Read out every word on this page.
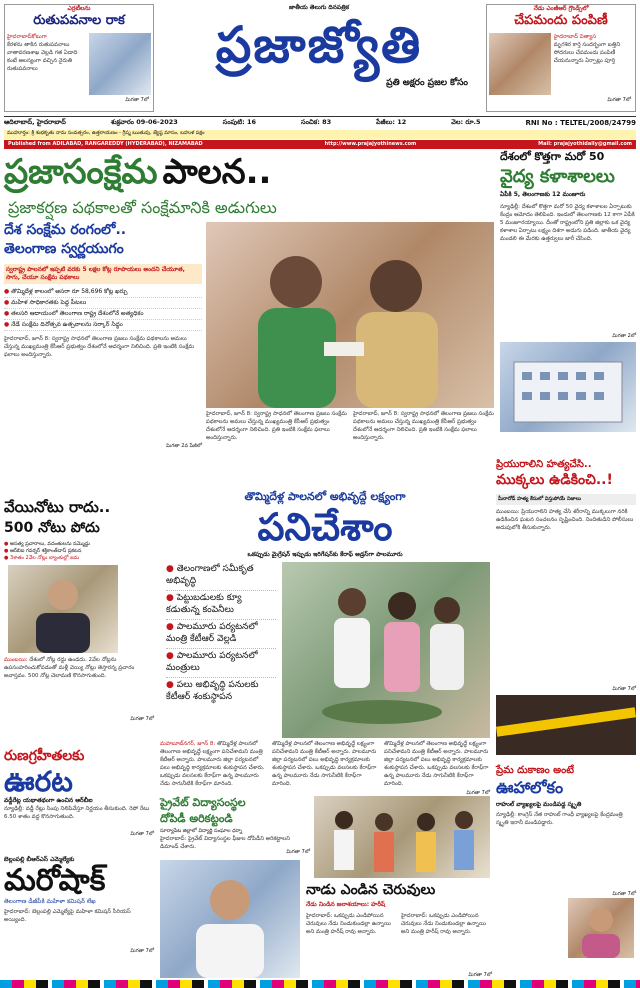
ఎర్రటీలను
రుతుపవనాల రాక
హైదరాబాద్‌కోటుగా
కేరళను తాకిన రుతుపవనాలు వాతావరణశాఖ వెల్లడి గత ఏడాది కంటే ఆలస్యంగా వచ్చిన నైరుతి రుతుపవనాలు
మిగతా 7లో
జాతీయ తెలుగు దినపత్రిక
ప్రజాజ్యోతి
ప్రతి అక్షరం ప్రజల కోసం
నేడు ఎంజీఆర్ గ్రౌండ్స్‌లో
చేపమందు పంపిణీ
హైదరాబాద్‌ విత్యాస
మృగశిర కార్తె సందర్భంగా బత్తిని సోదరులు చేపమందు పంపిణీ చేయనున్నారు ఏర్పాట్లు పూర్తి
మిగతా 7లో
ఆదిలాబాద్, హైదరాబాద్	శుక్రవారం 09-06-2023	సంపుటి: 16	సంచిక: 83	పేజీలు: 12	వెల: రూ.5	RNI No : TELTEL/2008/24799
ముహూర్తం: శ్రీ శుభకృతు నామ సంవత్సరం, ఉత్తరాయణం - గ్రీష్మ ఋతువు, జ్యేష్ఠ మాసం, బహుళ పక్షం
Published from ADILABAD, RANGAREDDY (HYDERABAD), NIZAMABAD	http://www.prajajyothinews.com	Mail: prajajyothidaily@gmail.com
ప్రజాసంక్షేమ పాలన..
ప్రజాకర్షణ పథకాలతో సంక్షేమానికి అడుగులు
దేశ సంక్షేమ రంగంలో..
తెలంగాణ స్వర్ణయుగం
స్వరాష్ట్ర పాలనలో ఇప్పటి వరకు 5 లక్షల కోట్ల రూపాయలు అందని చేయూత, సాగు, చేయూ సంక్షేమ పథకాలు
● తొమ్మిదేళ్ల కాలంలో అసరా రూ 58,696 కోట్ల ఖర్చు
● మహిళ సాధికారతకు పెద్ద పీటలు
● తలసరి ఆదాయంలో తెలంగాణ రాష్ట్ర దేశంలోనే అత్యధికం
● నేడే సంక్షేమ దినోత్సవ ఉత్సవాలను సర్కార్ సిద్ధం
హైదరాబాద్, జూన్ 8: స్వరాష్ట్ర సాధనలో తెలంగాణ ప్రజలు సంక్షేమ పథకాలను అమలు చేస్తున్న ముఖ్యమంత్రి కేసీఆర్ ప్రభుత్వం దేశంలోనే ఆదర్శంగా నిలిచింది. ప్రతి ఇంటికి సంక్షేమ ఫలాలు అందిస్తున్నారు.
మిగతా 2వ పేజీలో
హైదరాబాద్, జూన్ 8: స్వరాష్ట్ర సాధనలో తెలంగాణ ప్రజలు సంక్షేమ పథకాలను అమలు చేస్తున్న ముఖ్యమంత్రి కేసీఆర్ ప్రభుత్వం దేశంలోనే ఆదర్శంగా నిలిచింది. ప్రతి ఇంటికి సంక్షేమ ఫలాలు అందిస్తున్నారు.
హైదరాబాద్, జూన్ 8: స్వరాష్ట్ర సాధనలో తెలంగాణ ప్రజలు సంక్షేమ పథకాలను అమలు చేస్తున్న ముఖ్యమంత్రి కేసీఆర్ ప్రభుత్వం దేశంలోనే ఆదర్శంగా నిలిచింది. ప్రతి ఇంటికి సంక్షేమ ఫలాలు అందిస్తున్నారు.
దేశంలో కొత్తగా మరో 50
వైద్య కళాశాలలు
ఏపీకి 5, తెలంగాణకు 12 మంజూరు
న్యూఢిల్లీ: దేశంలో కొత్తగా మరో 50 వైద్య కళాశాలల ఏర్పాటుకు కేంద్రం ఆమోదం తెలిపింది. ఇందులో తెలంగాణకు 12 కాగా ఏపీకి 5 మంజూరయ్యాయి. దీంతో రాష్ట్రంలోని ప్రతి జిల్లాకు ఒక వైద్య కళాశాల ఏర్పాటు లక్ష్యం దిశగా అడుగు పడింది. జాతీయ వైద్య మండలి ఈ మేరకు ఉత్తర్వులు జారీ చేసింది.
మిగతా 2లో
వేయినోటు రాదు..
500 నోటు పోదు
● అసత్య ప్రచారాలు, వదంతులను నమ్మొద్దు
● ఆర్‌బిఐ గవర్నర్ శక్తికాంత్‌దాస్ ప్రకటన
● 3శాతం 2వేల నోట్లు బ్యాంకుల్లో జమ
ముంబయి: దేశంలో నోట్ల రద్దు ఉండదు. 2వేల నోట్లను ఉపసంహరించుకోవడంతో మళ్లీ వెయ్యి నోట్లు తెస్తారన్న ప్రచారం అవాస్తవం. 500 నోట్ల చెలామణి కొనసాగుతుంది.
మిగతా 7లో
రుణగ్రహీతలకు
ఊరట
వడ్డీరేట్ల యథాతథంగా ఉంచిన ఆర్‌బీఐ
న్యూఢిల్లీ: వడ్డీ రేట్లు సింపు నిలిపివేస్తూ నిర్ణయం తీసుకుంది. రెపో రేటు 6.50 శాతం వద్ద కొనసాగుతుంది.
మిగతా 7లో
తొమ్మిదేళ్ల పాలనలో అభివృద్దే లక్ష్యంగా
పనిచేశాం
ఒకప్పుడు మైగ్రేషన్ ఇప్పుడు ఇరిగేషన్‌కు కేరాఫ్ అడ్రస్‌గా పాలమూరు
● తెలంగాణలో సమీకృత అభివృద్ధి
● పెట్టుబడులకు క్యూ కడుతున్న కంపెనీలు
● పాలమూరు పర్యటనలో మంత్రి కేటీఆర్ వెల్లడి
● పాలమూరు పర్యటనలో మంత్రులు
● పలు అభివృద్ధి పనులకు కేటీఆర్ శంకుస్థాపన
మహబూబ్‌నగర్, జూన్ 8: తొమ్మిదేళ్ల పాలనలో తెలంగాణ అభివృద్ధే లక్ష్యంగా పనిచేశామని మంత్రి కేటీఆర్ అన్నారు. పాలమూరు జిల్లా పర్యటనలో పలు అభివృద్ధి కార్యక్రమాలకు శంకుస్థాపన చేశారు. ఒకప్పుడు వలసలకు కేరాఫ్‌గా ఉన్న పాలమూరు నేడు సాగునీటికి కేరాఫ్‌గా మారింది.
తొమ్మిదేళ్ల పాలనలో తెలంగాణ అభివృద్ధే లక్ష్యంగా పనిచేశామని మంత్రి కేటీఆర్ అన్నారు. పాలమూరు జిల్లా పర్యటనలో పలు అభివృద్ధి కార్యక్రమాలకు శంకుస్థాపన చేశారు. ఒకప్పుడు వలసలకు కేరాఫ్‌గా ఉన్న పాలమూరు నేడు సాగునీటికి కేరాఫ్‌గా మారింది.
తొమ్మిదేళ్ల పాలనలో తెలంగాణ అభివృద్ధే లక్ష్యంగా పనిచేశామని మంత్రి కేటీఆర్ అన్నారు. పాలమూరు జిల్లా పర్యటనలో పలు అభివృద్ధి కార్యక్రమాలకు శంకుస్థాపన చేశారు. ఒకప్పుడు వలసలకు కేరాఫ్‌గా ఉన్న పాలమూరు నేడు సాగునీటికి కేరాఫ్‌గా మారింది.
మిగతా 7లో
ప్రియురాలిని హత్యచేసి..
ముక్కలు ఉడికించి..!
మీరారోడ్ హత్య కేసులో విస్తుపోయే నిజాలు
ముంబయి: ప్రియురాలిని హత్య చేసి శరీరాన్ని ముక్కలుగా నరికి ఉడికించిన ఘటన సంచలనం సృష్టించింది. నిందితుడిని పోలీసులు అదుపులోకి తీసుకున్నారు.
మిగతా 7లో
ప్రేమ దుకాణం అంటే
ఊహాలోకం
రాహుల్ వ్యాఖ్యలపై మండిపడ్డ స్మృతి
న్యూఢిల్లీ: కాంగ్రెస్ నేత రాహుల్ గాంధీ వ్యాఖ్యలపై కేంద్రమంత్రి స్మృతి ఇరానీ మండిపడ్డారు.
మిగతా 7లో
ప్రైవేట్ విద్యాసంస్థల
దోపిడీ అరికట్టండి
సూర్యాపేట జిల్లాలో విద్యార్థి సంఘాల ధర్నా
హైదరాబాద్: ప్రైవేట్ విద్యాసంస్థల ఫీజుల దోపిడీని అరికట్టాలని డిమాండ్ చేశారు.
మిగతా 7లో
బెల్లంపల్లి బీఆర్ఎస్ ఎమ్మెల్యేకు
మరోషాక్
తెలంగాణ డీజీపీకి మహిళా కమిషన్ లేఖ
హైదరాబాద్: బెల్లంపల్లి ఎమ్మెల్యేపై మహిళా కమిషన్ సీరియస్ అయ్యింది.
మిగతా 7లో
నాడు ఎండిన చెరువులు
నేడు నిండిన జలాశయాలు: హరీష్
హైదరాబాద్: ఒకప్పుడు ఎండిపోయిన చెరువులు నేడు నిండుకుండల్లా ఉన్నాయి అని మంత్రి హరీష్ రావు అన్నారు.
హైదరాబాద్: ఒకప్పుడు ఎండిపోయిన చెరువులు నేడు నిండుకుండల్లా ఉన్నాయి అని మంత్రి హరీష్ రావు అన్నారు.
మిగతా 7లో
